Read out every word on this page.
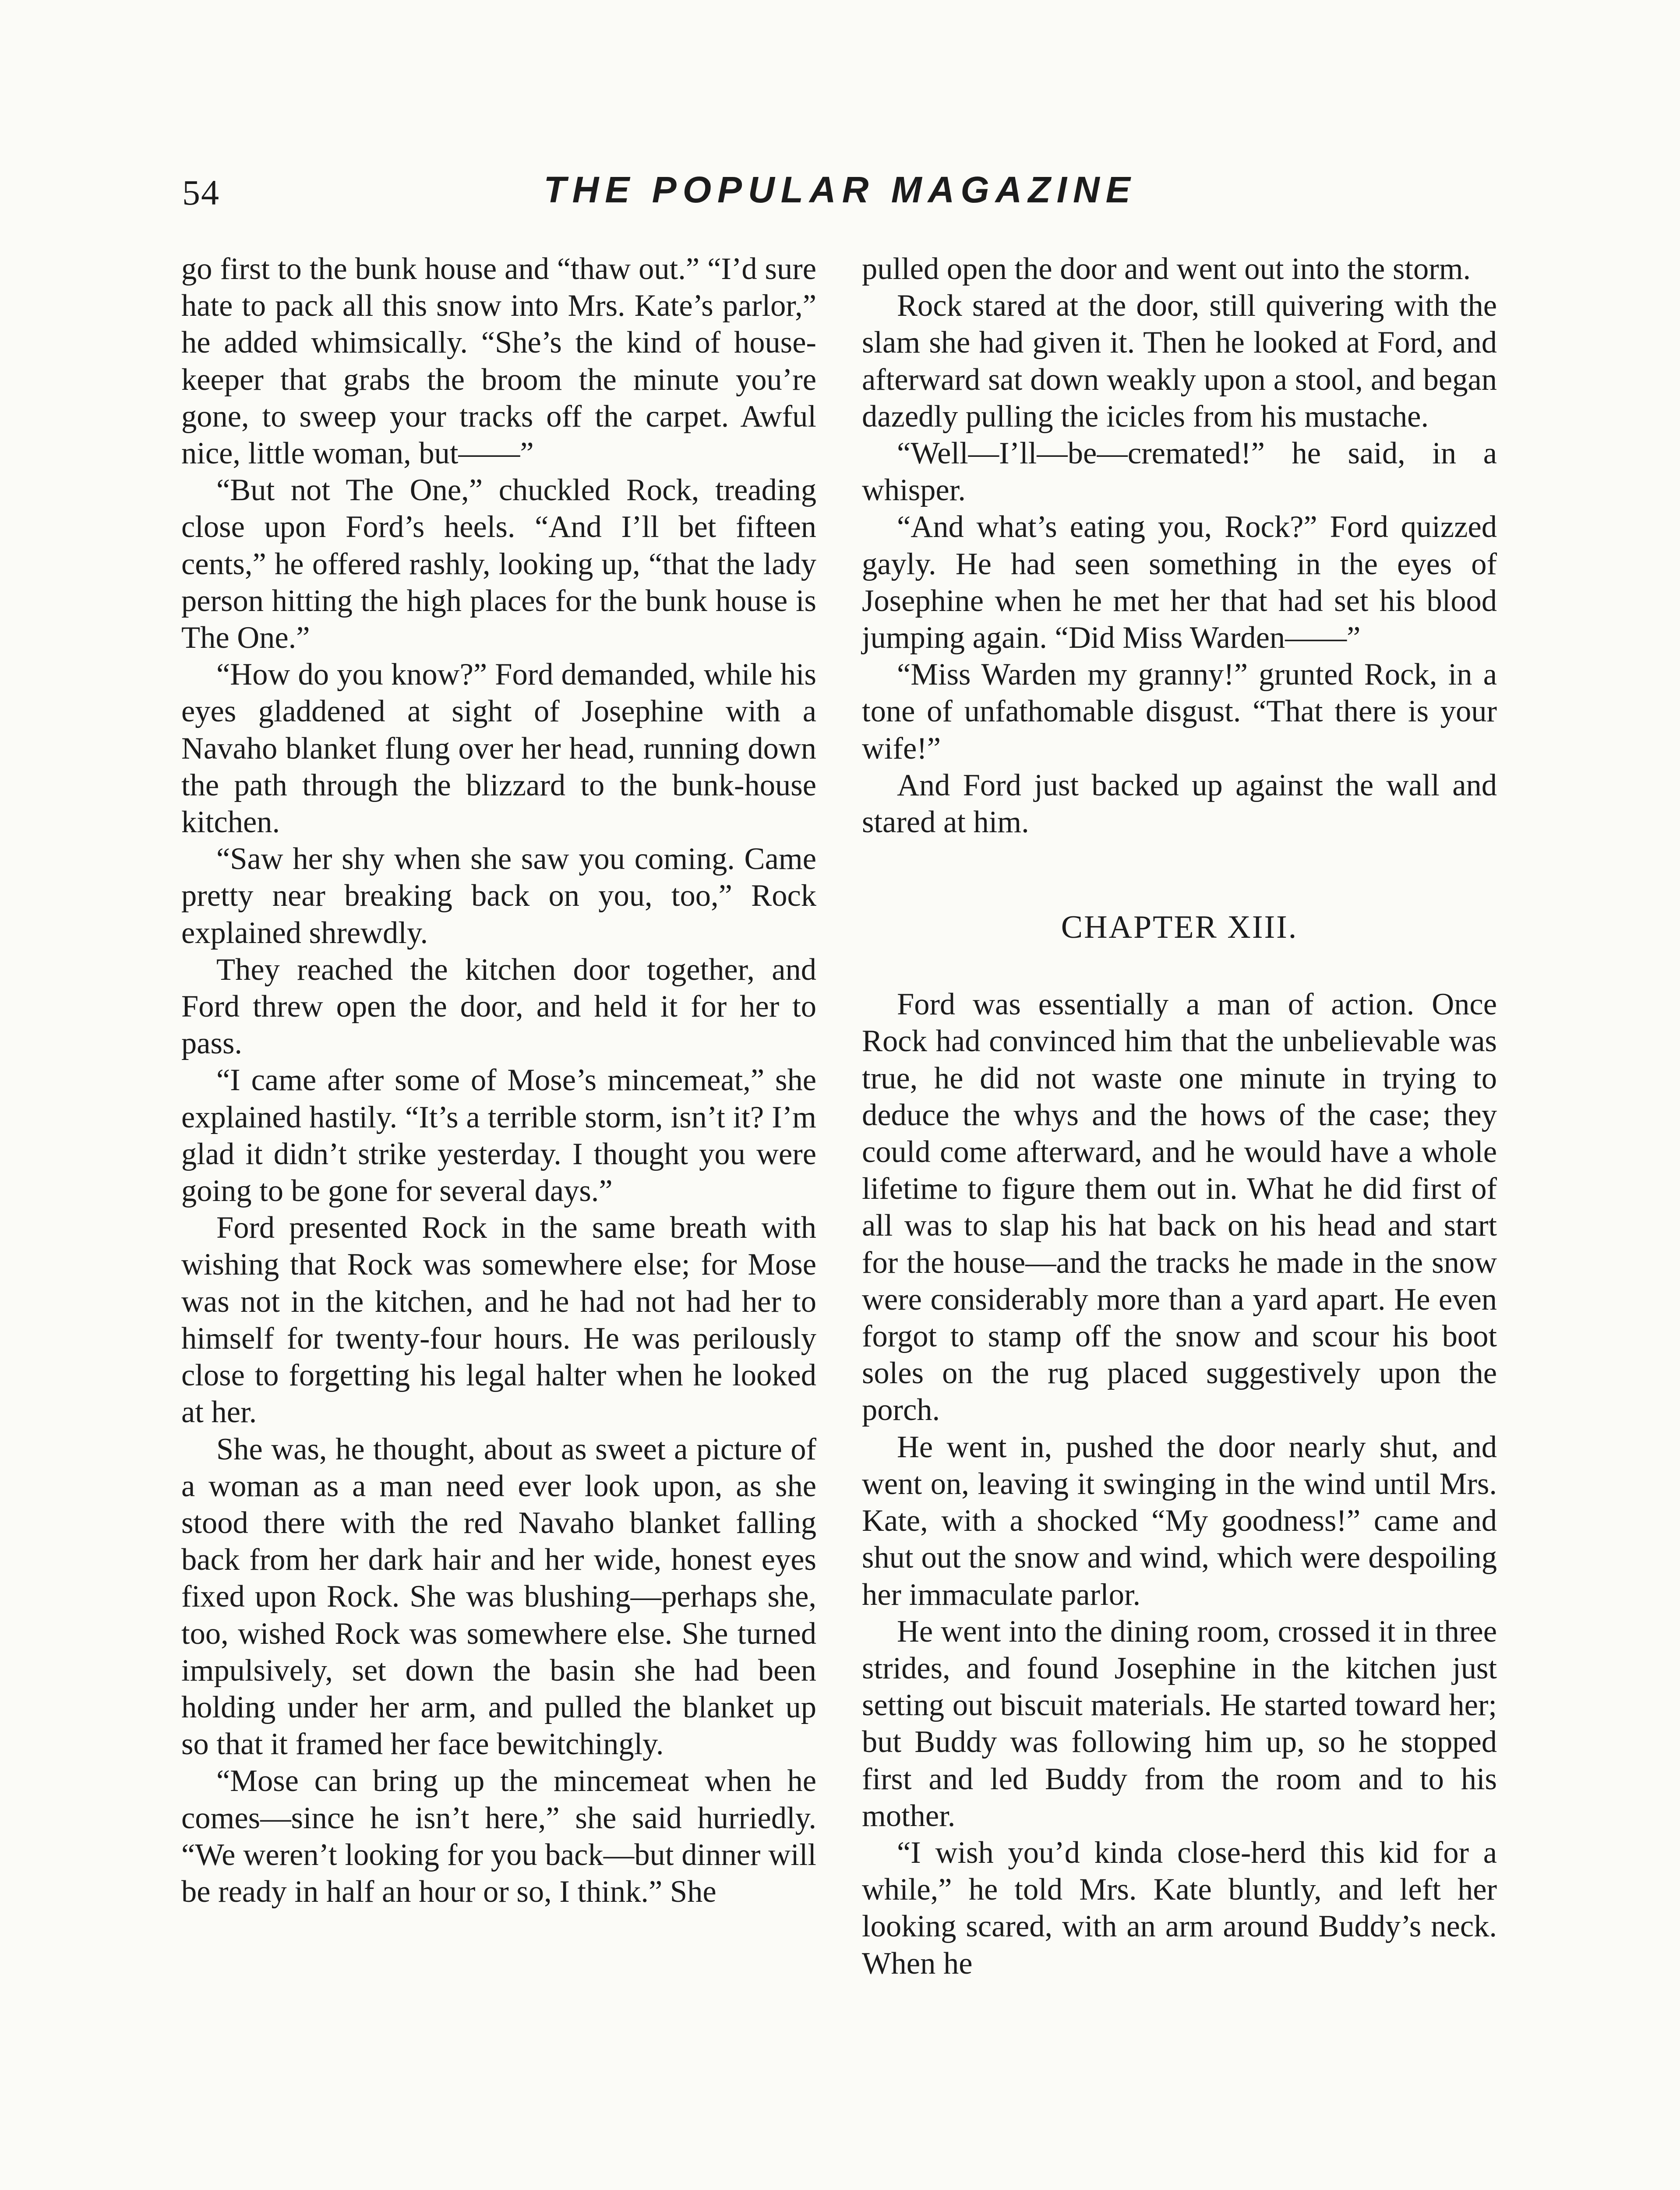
54	THE POPULAR MAGAZINE

go first to the bunk house and “thaw out.” “I’d sure hate to pack all this snow into Mrs. Kate’s parlor,” he added whimsically. “She’s the kind of housekeeper that grabs the broom the minute you’re gone, to sweep your tracks off the carpet. Awful nice, little woman, but——”

“But not The One,” chuckled Rock, treading close upon Ford’s heels. “And I’ll bet fifteen cents,” he offered rashly, looking up, “that the lady person hitting the high places for the bunk house is The One.”

“How do you know?” Ford demanded, while his eyes gladdened at sight of Josephine with a Navaho blanket flung over her head, running down the path through the blizzard to the bunk-house kitchen.

“Saw her shy when she saw you coming. Came pretty near breaking back on you, too,” Rock explained shrewdly.

They reached the kitchen door together, and Ford threw open the door, and held it for her to pass.

“I came after some of Mose’s mincemeat,” she explained hastily. “It’s a terrible storm, isn’t it? I’m glad it didn’t strike yesterday. I thought you were going to be gone for several days.”

Ford presented Rock in the same breath with wishing that Rock was somewhere else; for Mose was not in the kitchen, and he had not had her to himself for twenty-four hours. He was perilously close to forgetting his legal halter when he looked at her.

She was, he thought, about as sweet a picture of a woman as a man need ever look upon, as she stood there with the red Navaho blanket falling back from her dark hair and her wide, honest eyes fixed upon Rock. She was blushing—perhaps she, too, wished Rock was somewhere else. She turned impulsively, set down the basin she had been holding under her arm, and pulled the blanket up so that it framed her face bewitchingly.

“Mose can bring up the mincemeat when he comes—since he isn’t here,” she said hurriedly. “We weren’t looking for you back—but dinner will be ready in half an hour or so, I think.” She

pulled open the door and went out into the storm.

Rock stared at the door, still quivering with the slam she had given it. Then he looked at Ford, and afterward sat down weakly upon a stool, and began dazedly pulling the icicles from his mustache.

“Well—I’ll—be—cremated!” he said, in a whisper.

“And what’s eating you, Rock?” Ford quizzed gayly. He had seen something in the eyes of Josephine when he met her that had set his blood jumping again. “Did Miss Warden——”

“Miss Warden my granny!” grunted Rock, in a tone of unfathomable disgust. “That there is your wife!”

And Ford just backed up against the wall and stared at him.

CHAPTER XIII.

Ford was essentially a man of action. Once Rock had convinced him that the unbelievable was true, he did not waste one minute in trying to deduce the whys and the hows of the case; they could come afterward, and he would have a whole lifetime to figure them out in. What he did first of all was to slap his hat back on his head and start for the house—and the tracks he made in the snow were considerably more than a yard apart. He even forgot to stamp off the snow and scour his boot soles on the rug placed suggestively upon the porch.

He went in, pushed the door nearly shut, and went on, leaving it swinging in the wind until Mrs. Kate, with a shocked “My goodness!” came and shut out the snow and wind, which were despoiling her immaculate parlor.

He went into the dining room, crossed it in three strides, and found Josephine in the kitchen just setting out biscuit materials. He started toward her; but Buddy was following him up, so he stopped first and led Buddy from the room and to his mother.

“I wish you’d kinda close-herd this kid for a while,” he told Mrs. Kate bluntly, and left her looking scared, with an arm around Buddy’s neck. When he
